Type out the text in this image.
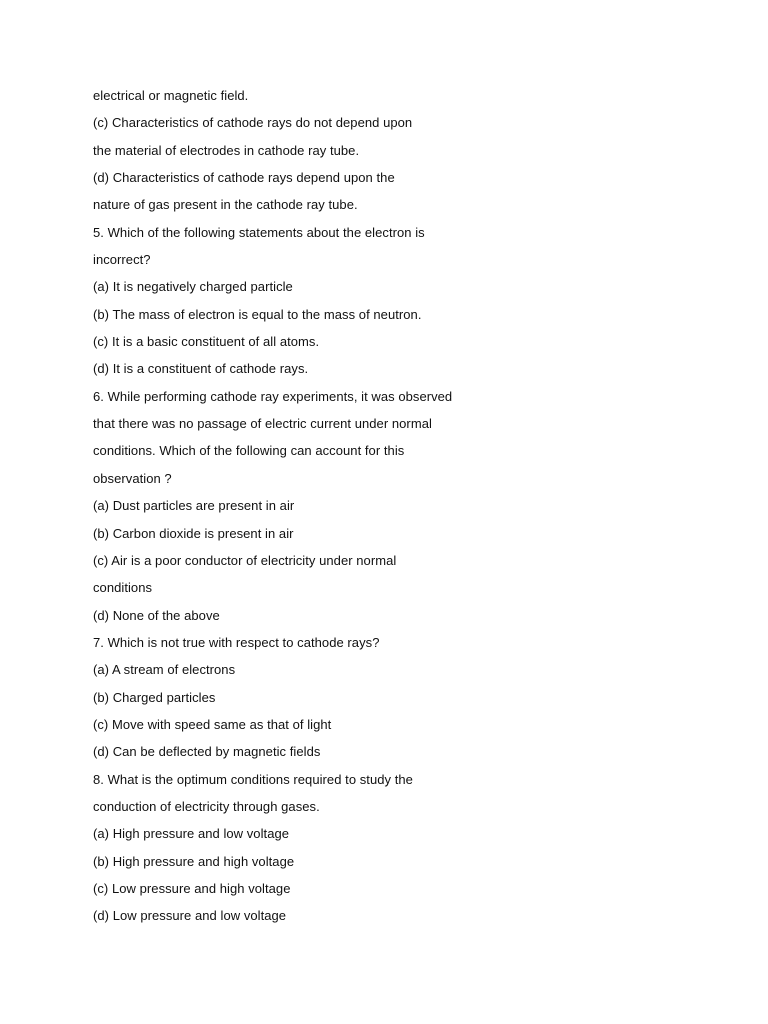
electrical or magnetic field.
(c) Characteristics of cathode rays do not depend upon
the material of electrodes in cathode ray tube.
(d) Characteristics of cathode rays depend upon the
nature of gas present in the cathode ray tube.
5. Which of the following statements about the electron is
incorrect?
(a) It is negatively charged particle
(b) The mass of electron is equal to the mass of neutron.
(c) It is a basic constituent of all atoms.
(d) It is a constituent of cathode rays.
6. While performing cathode ray experiments, it was observed
that there was no passage of electric current under normal
conditions. Which of the following can account for this
observation ?
(a) Dust particles are present in air
(b) Carbon dioxide is present in air
(c) Air is a poor conductor of electricity under normal
conditions
(d) None of the above
7. Which is not true with respect to cathode rays?
(a) A stream of electrons
(b) Charged particles
(c) Move with speed same as that of light
(d) Can be deflected by magnetic fields
8. What is the optimum conditions required to study the
conduction of electricity through gases.
(a) High pressure and low voltage
(b) High pressure and high voltage
(c) Low pressure and high voltage
(d) Low pressure and low voltage
